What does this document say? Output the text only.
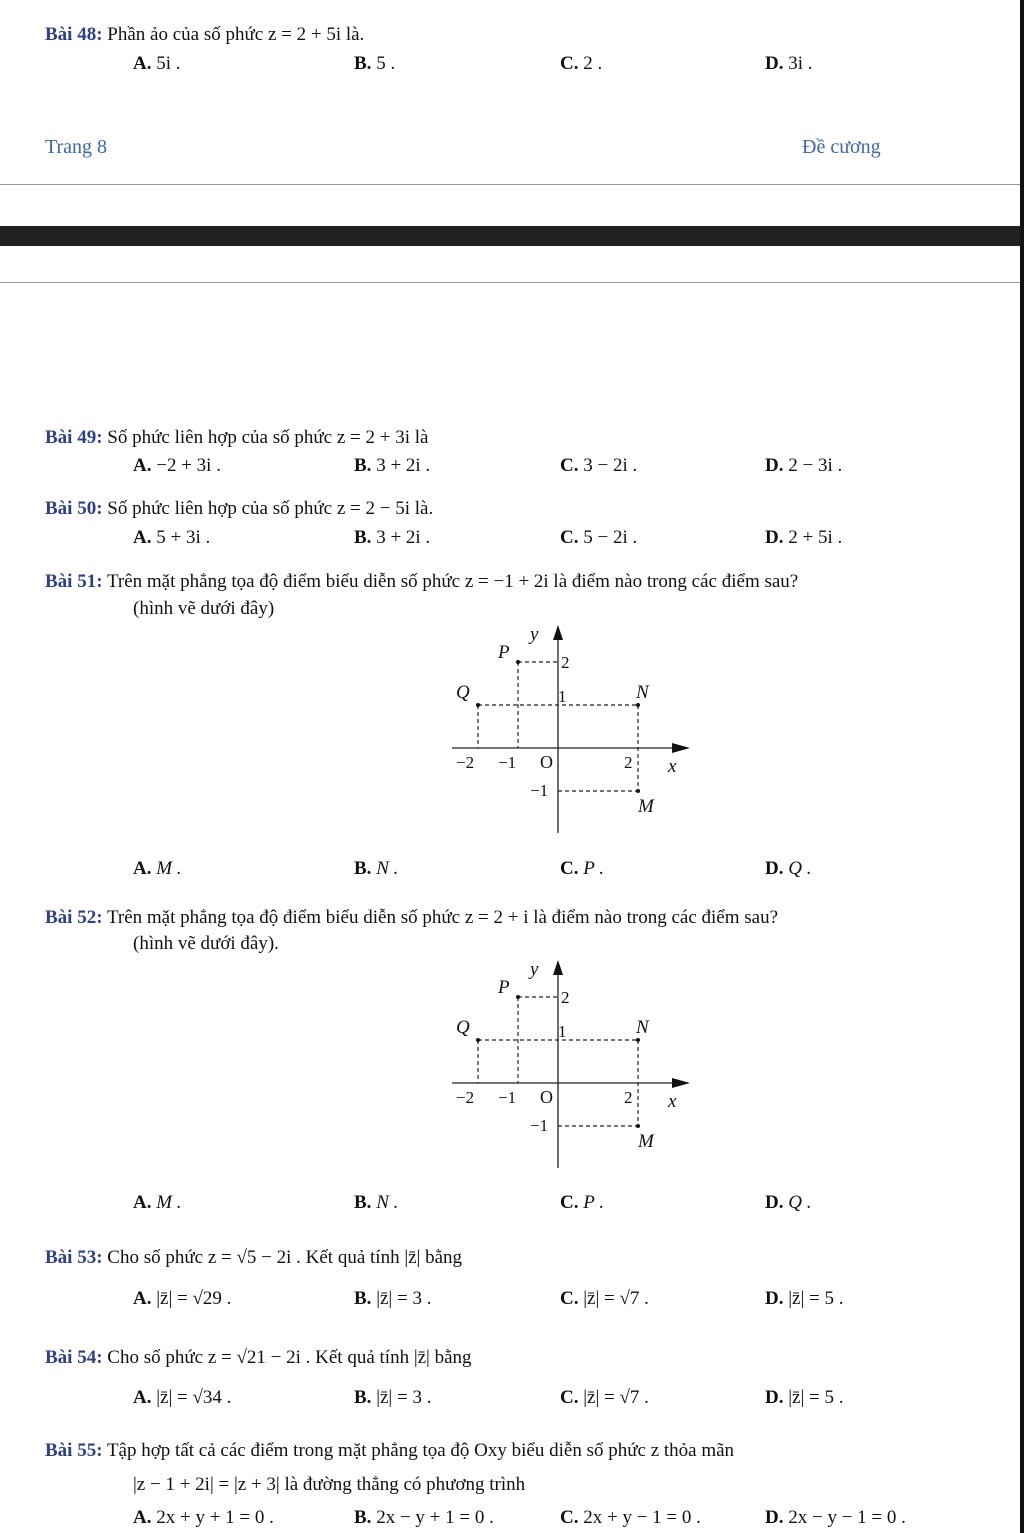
Bài 48: Phần ảo của số phức z = 2 + 5i là.
A. 5i .	B. 5 .	C. 2 .	D. 3i .
Trang 8	Đề cương
Bài 49: Số phức liên hợp của số phức z = 2 + 3i là
A. −2 + 3i .	B. 3 + 2i .	C. 3 − 2i .	D. 2 − 3i .
Bài 50: Số phức liên hợp của số phức z = 2 − 5i là.
A. 5 + 3i .	B. 3 + 2i .	C. 5 − 2i .	D. 2 + 5i .
Bài 51: Trên mặt phẳng tọa độ điểm biểu diễn số phức z = −1 + 2i là điểm nào trong các điểm sau?
(hình vẽ dưới đây)
P
Q	N
M
y
x
O
−2 −1	2
2
1
−1
A. M .	B. N .	C. P .	D. Q .
Bài 52: Trên mặt phẳng tọa độ điểm biểu diễn số phức z = 2 + i là điểm nào trong các điểm sau?
(hình vẽ dưới đây).
P
Q	N
M
y
x
O
−2 −1	2
2
1
−1
A. M .	B. N .	C. P .	D. Q .
Bài 53: Cho số phức z = √5 − 2i . Kết quả tính |z̄| bằng
A. |z̄| = √29 .	B. |z̄| = 3 .	C. |z̄| = √7 .	D. |z̄| = 5 .
Bài 54: Cho số phức z = √21 − 2i . Kết quả tính |z̄| bằng
A. |z̄| = √34 .	B. |z̄| = 3 .	C. |z̄| = √7 .	D. |z̄| = 5 .
Bài 55: Tập hợp tất cả các điểm trong mặt phẳng tọa độ Oxy biểu diễn số phức z thỏa mãn
|z − 1 + 2i| = |z + 3| là đường thẳng có phương trình
A. 2x + y + 1 = 0 .	B. 2x − y + 1 = 0 .	C. 2x + y − 1 = 0 .	D. 2x − y − 1 = 0 .
